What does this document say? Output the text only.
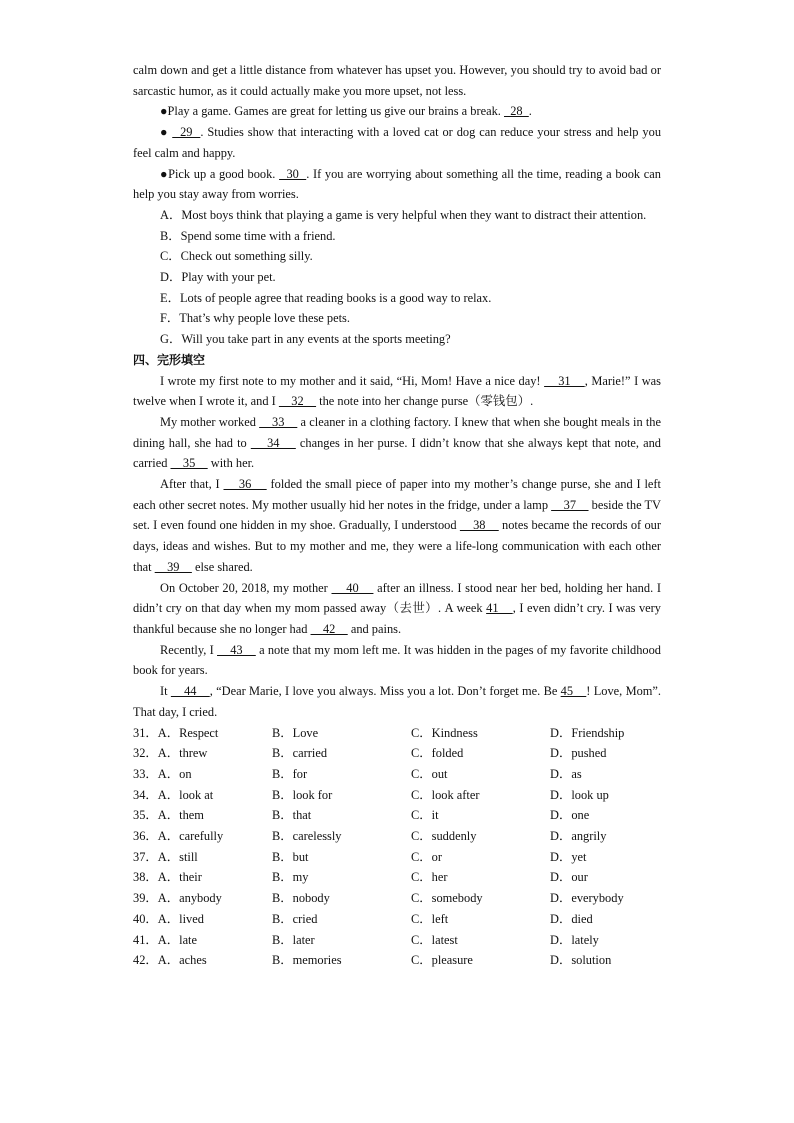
calm down and get a little distance from whatever has upset you. However, you should try to avoid bad or sarcastic humor, as it could actually make you more upset, not less.

●Play a game. Games are great for letting us give our brains a break.   28  .

●   29  . Studies show that interacting with a loved cat or dog can reduce your stress and help you feel calm and happy.

●Pick up a good book.   30  . If you are worrying about something all the time, reading a book can help you stay away from worries.

A．Most boys think that playing a game is very helpful when they want to distract their attention.

B．Spend some time with a friend.

C．Check out something silly.

D．Play with your pet.

E．Lots of people agree that reading books is a good way to relax.

F．That’s why people love these pets.

G．Will you take part in any events at the sports meeting?

四、完形填空

I wrote my first note to my mother and it said, “Hi, Mom! Have a nice day!     31    , Marie!” I was twelve when I wrote it, and I     32     the note into her change purse（零钱包）.

My mother worked     33     a cleaner in a clothing factory. I knew that when she bought meals in the dining hall, she had to     34     changes in her purse. I didn’t know that she always kept that note, and carried     35     with her.

After that, I     36     folded the small piece of paper into my mother’s change purse, she and I left each other secret notes. My mother usually hid her notes in the fridge, under a lamp     37     beside the TV set. I even found one hidden in my shoe. Gradually, I understood     38     notes became the records of our days, ideas and wishes. But to my mother and me, they were a life-long communication with each other that     39     else shared.

On October 20, 2018, my mother     40     after an illness. I stood near her bed, holding her hand. I didn’t cry on that day when my mom passed away（去世）. A week 41    , I even didn’t cry. I was very thankful because she no longer had     42     and pains.

Recently, I     43     a note that my mom left me. It was hidden in the pages of my favorite childhood book for years.

It     44    , “Dear Marie, I love you always. Miss you a lot. Don’t forget me. Be 45    ! Love, Mom”. That day, I cried.

31．A．Respect	B．Love	C．Kindness	D．Friendship
32．A．threw	B．carried	C．folded	D．pushed
33．A．on	B．for	C．out	D．as
34．A．look at	B．look for	C．look after	D．look up
35．A．them	B．that	C．it	D．one
36．A．carefully	B．carelessly	C．suddenly	D．angrily
37．A．still	B．but	C．or	D．yet
38．A．their	B．my	C．her	D．our
39．A．anybody	B．nobody	C．somebody	D．everybody
40．A．lived	B．cried	C．left	D．died
41．A．late	B．later	C．latest	D．lately
42．A．aches	B．memories	C．pleasure	D．solution
